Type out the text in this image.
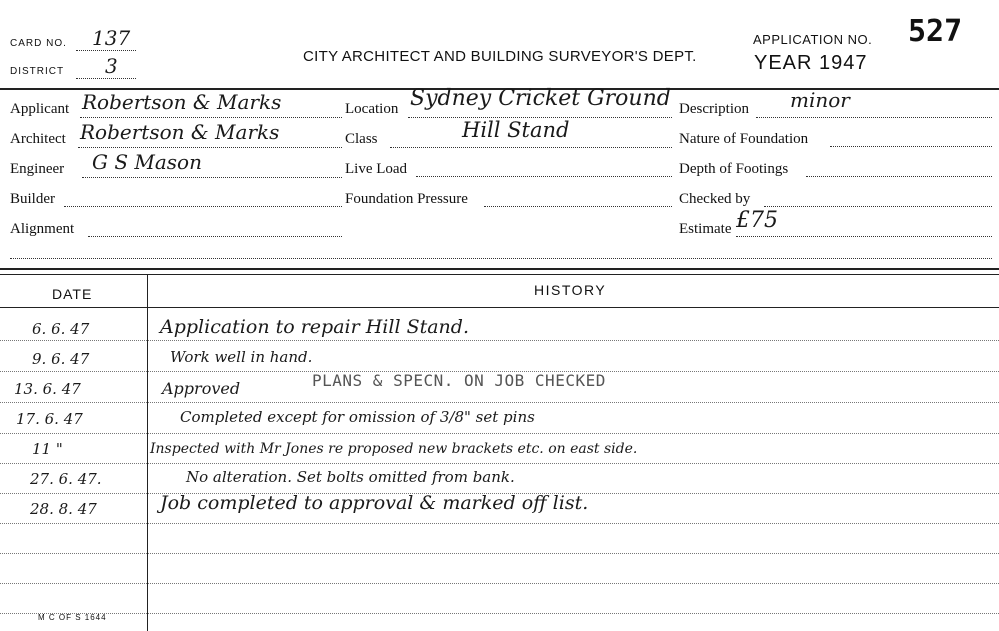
CARD NO. 137
DISTRICT 3	CITY ARCHITECT AND BUILDING SURVEYOR'S DEPT.
APPLICATION NO. 527
YEAR 1947
Applicant Robertson & Marks
Architect Robertson & Marks
Engineer G S Mason
Builder
Alignment
Location Sydney Cricket Ground
Class	Hill Stand
Live Load
Foundation Pressure
Description minor
Nature of Foundation
Depth of Footings
Checked by
Estimate £75
DATE	HISTORY
6. 6. 47	Application to repair Hill Stand.
9. 6. 47	Work well in hand.
13. 6. 47	Approved	PLANS & SPECN. ON JOB CHECKED
17. 6. 47	Completed except for omission of 3/8" set pins
11 "	Inspected with Mr Jones re proposed new brackets etc. on east side.
27. 6. 47.	No alteration. Set bolts omitted from bank.
28. 8. 47	Job completed to approval & marked off list.
M C OF S 1644
